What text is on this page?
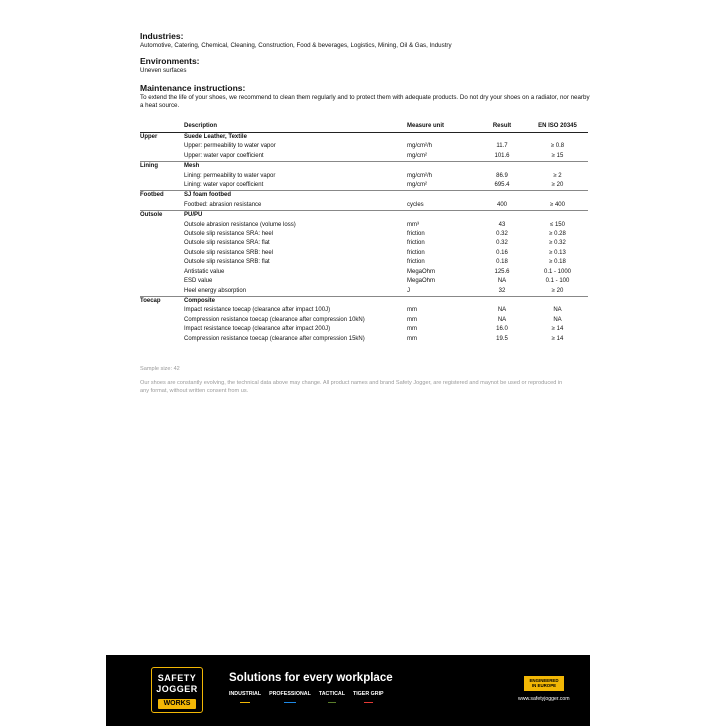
Industries:

Automotive, Catering, Chemical, Cleaning, Construction, Food & beverages, Logistics, Mining, Oil & Gas, Industry

Environments:

Uneven surfaces

Maintenance instructions:

To extend the life of your shoes, we recommend to clean them regularly and to protect them with adequate products. Do not dry your shoes on a radiator, nor nearby a heat source.

	Description	Measure unit	Result	EN ISO 20345
Upper	Suede Leather, Textile			
	Upper: permeability to water vapor	mg/cm²/h	11.7	≥ 0.8
	Upper: water vapor coefficient	mg/cm²	101.6	≥ 15
Lining	Mesh			
	Lining: permeability to water vapor	mg/cm²/h	86.9	≥ 2
	Lining: water vapor coefficient	mg/cm²	695.4	≥ 20
Footbed	SJ foam footbed			
	Footbed: abrasion resistance	cycles	400	≥ 400
Outsole	PU/PU			
	Outsole abrasion resistance (volume loss)	mm³	43	≤ 150
	Outsole slip resistance SRA: heel	friction	0.32	≥ 0.28
	Outsole slip resistance SRA: flat	friction	0.32	≥ 0.32
	Outsole slip resistance SRB: heel	friction	0.16	≥ 0.13
	Outsole slip resistance SRB: flat	friction	0.18	≥ 0.18
	Antistatic value	MegaOhm	125.6	0.1 - 1000
	ESD value	MegaOhm	NA	0.1 - 100
	Heel energy absorption	J	32	≥ 20
Toecap	Composite			
	Impact resistance toecap (clearance after impact 100J)	mm	NA	NA
	Compression resistance toecap (clearance after compression 10kN)	mm	NA	NA
	Impact resistance toecap (clearance after impact 200J)	mm	16.0	≥ 14
	Compression resistance toecap (clearance after compression 15kN)	mm	19.5	≥ 14
Sample size: 42
Our shoes are constantly evolving, the technical data above may change. All product names and brand Safety Jogger, are registered and maynot be used or reproduced in any format, without written consent from us.
SAFETY
JOGGER
WORKS
Solutions for every workplace
INDUSTRIAL PROFESSIONAL TACTICAL TIGER GRIP
ENGINEERED
IN EUROPE
www.safetyjogger.com
